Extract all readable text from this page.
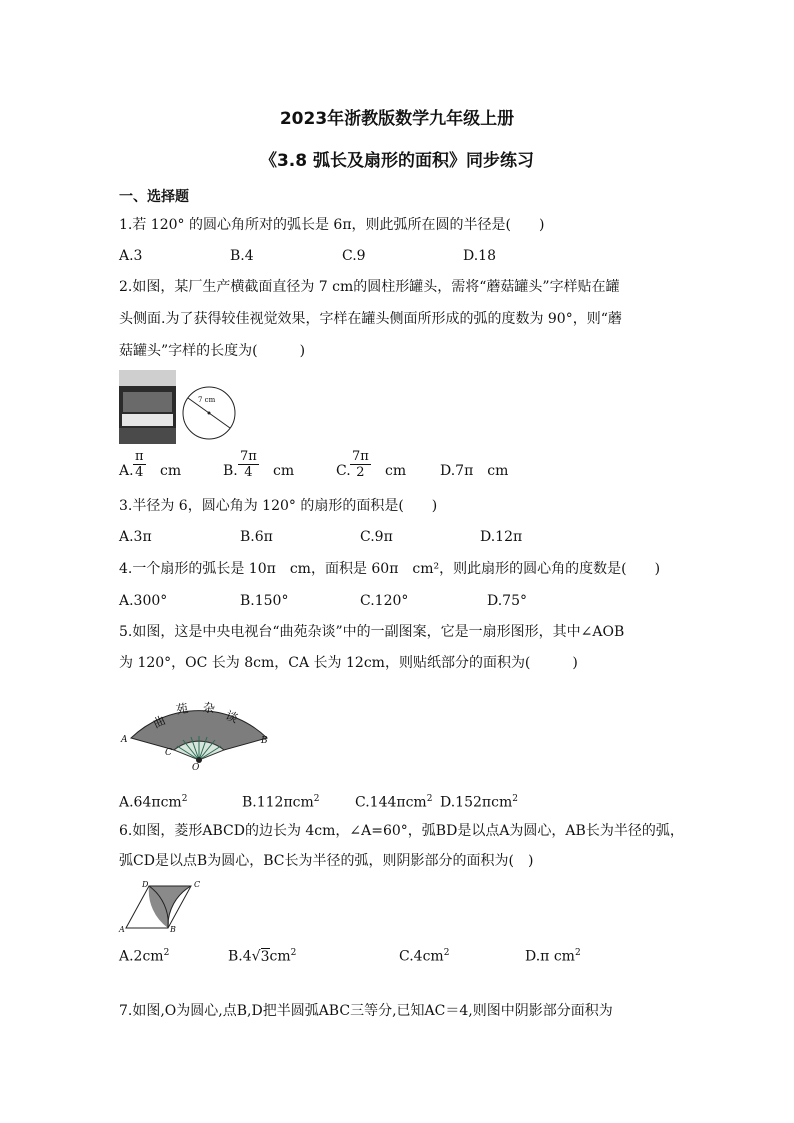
2023年浙教版数学九年级上册
《3.8 弧长及扇形的面积》同步练习
一、选择题
1.若 120° 的圆心角所对的弧长是 6π，则此弧所在圆的半径是(　　)
A.3	B.4	C.9	D.18
2.如图，某厂生产横截面直径为 7 cm的圆柱形罐头，需将“蘑菇罐头”字样贴在罐
头侧面.为了获得较佳视觉效果，字样在罐头侧面所形成的弧的度数为 90°，则“蘑
菇罐头”字样的长度为(　　　)
7 cm
A. $\frac{\pi}{4}$ cm	B. $\frac{7\pi}{4}$ cm	C. $\frac{7\pi}{2}$ cm D.7π　cm
3.半径为 6，圆心角为 120° 的扇形的面积是(　　)
A.3π	B.6π	C.9π	D.12π
4.一个扇形的弧长是 10π　cm，面积是 60π　cm²，则此扇形的圆心角的度数是(　　)
A.300°	B.150°	C.120°	D.75°
5.如图，这是中央电视台“曲苑杂谈”中的一副图案，它是一扇形图形，其中∠AOB
为 120°，OC 长为 8cm，CA 长为 12cm，则贴纸部分的面积为(　　　)
曲
苑 杂
谈
A	B
C
O
A.64πcm$^2$	B.112πcm$^2$	C.144πcm$^2$ D.152πcm$^2$
6.如图，菱形ABCD的边长为 4cm，∠A=60°，弧BD是以点A为圆心，AB长为半径的弧，
弧CD是以点B为圆心，BC长为半径的弧，则阴影部分的面积为(　)
A	B
C
D
$A.2cm^2$	$B.4√3cm^2$	$C.4cm^2$	D.π $cm^2$
7.如图,O为圆心,点B,D把半圆弧ABC三等分,已知AC＝4,则图中阴影部分面积为
